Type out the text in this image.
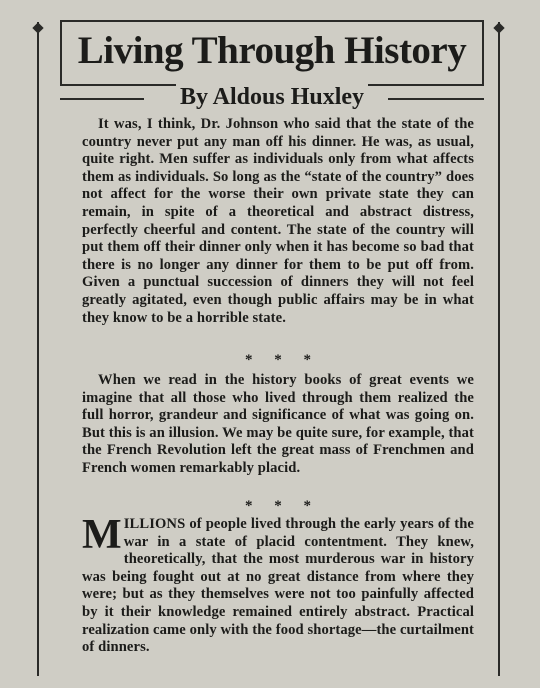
Living Through History
By Aldous Huxley
It was, I think, Dr. Johnson who said that the state of the country never put any man off his dinner. He was, as usual, quite right. Men suffer as individuals only from what affects them as individuals. So long as the “state of the country” does not affect for the worse their own private state they can remain, in spite of a theoretical and abstract distress, perfectly cheerful and content. The state of the country will put them off their dinner only when it has become so bad that there is no longer any dinner for them to be put off from. Given a punctual succession of dinners they will not feel greatly agitated, even though public affairs may be in what they know to be a horrible state.
* * *
When we read in the history books of great events we imagine that all those who lived through them realized the full horror, grandeur and significance of what was going on. But this is an illusion. We may be quite sure, for example, that the French Revolution left the great mass of Frenchmen and French women remarkably placid.
* * *
MILLIONS of people lived through the early years of the war in a state of placid contentment. They knew, theoretically, that the most murderous war in history was being fought out at no great distance from where they were; but as they themselves were not too painfully affected by it their knowledge remained entirely abstract. Practical realization came only with the food shortage—the curtailment of dinners.
